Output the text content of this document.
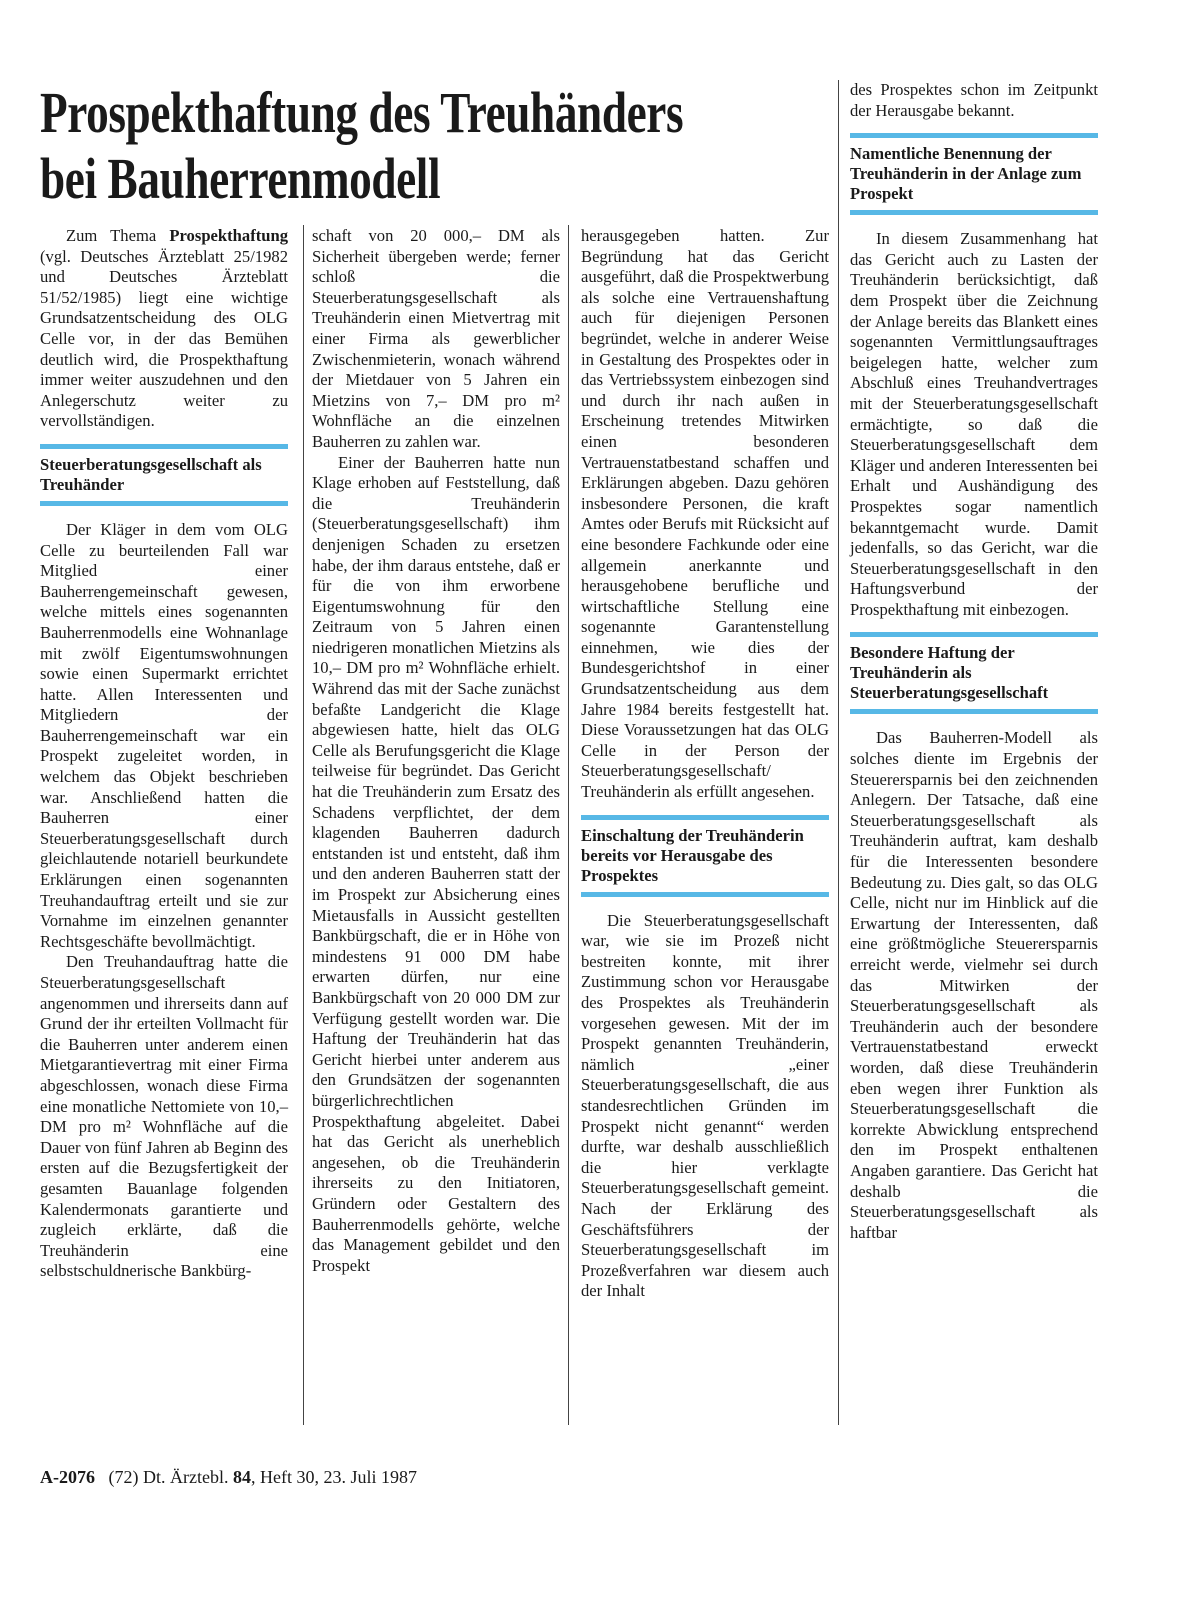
Prospekthaftung des Treuhänders
bei Bauherrenmodell

Zum Thema Prospekthaftung (vgl. Deutsches Ärzteblatt 25/1982 und Deutsches Ärzteblatt 51/52/1985) liegt eine wichtige Grundsatzentscheidung des OLG Celle vor, in der das Bemühen deutlich wird, die Prospekthaftung immer weiter auszudehnen und den Anlegerschutz weiter zu vervollständigen.

Steuerberatungsgesellschaft als Treuhänder

Der Kläger in dem vom OLG Celle zu beurteilenden Fall war Mitglied einer Bauherrengemeinschaft gewesen, welche mittels eines sogenannten Bauherrenmodells eine Wohnanlage mit zwölf Eigentumswohnungen sowie einen Supermarkt errichtet hatte. Allen Interessenten und Mitgliedern der Bauherrengemeinschaft war ein Prospekt zugeleitet worden, in welchem das Objekt beschrieben war. Anschließend hatten die Bauherren einer Steuerberatungsgesellschaft durch gleichlautende notariell beurkundete Erklärungen einen sogenannten Treuhandauftrag erteilt und sie zur Vornahme im einzelnen genannter Rechtsgeschäfte bevollmächtigt.

Den Treuhandauftrag hatte die Steuerberatungsgesellschaft angenommen und ihrerseits dann auf Grund der ihr erteilten Vollmacht für die Bauherren unter anderem einen Mietgarantievertrag mit einer Firma abgeschlossen, wonach diese Firma eine monatliche Nettomiete von 10,– DM pro m² Wohnfläche auf die Dauer von fünf Jahren ab Beginn des ersten auf die Bezugsfertigkeit der gesamten Bauanlage folgenden Kalendermonats garantierte und zugleich erklärte, daß die Treuhänderin eine selbstschuldnerische Bankbürg-

schaft von 20 000,– DM als Sicherheit übergeben werde; ferner schloß die Steuerberatungsgesellschaft als Treuhänderin einen Mietvertrag mit einer Firma als gewerblicher Zwischenmieterin, wonach während der Mietdauer von 5 Jahren ein Mietzins von 7,– DM pro m² Wohnfläche an die einzelnen Bauherren zu zahlen war.

Einer der Bauherren hatte nun Klage erhoben auf Feststellung, daß die Treuhänderin (Steuerberatungsgesellschaft) ihm denjenigen Schaden zu ersetzen habe, der ihm daraus entstehe, daß er für die von ihm erworbene Eigentumswohnung für den Zeitraum von 5 Jahren einen niedrigeren monatlichen Mietzins als 10,– DM pro m² Wohnfläche erhielt. Während das mit der Sache zunächst befaßte Landgericht die Klage abgewiesen hatte, hielt das OLG Celle als Berufungsgericht die Klage teilweise für begründet. Das Gericht hat die Treuhänderin zum Ersatz des Schadens verpflichtet, der dem klagenden Bauherren dadurch entstanden ist und entsteht, daß ihm und den anderen Bauherren statt der im Prospekt zur Absicherung eines Mietausfalls in Aussicht gestellten Bankbürgschaft, die er in Höhe von mindestens 91 000 DM habe erwarten dürfen, nur eine Bankbürgschaft von 20 000 DM zur Verfügung gestellt worden war. Die Haftung der Treuhänderin hat das Gericht hierbei unter anderem aus den Grundsätzen der sogenannten bürgerlichrechtlichen Prospekthaftung abgeleitet. Dabei hat das Gericht als unerheblich angesehen, ob die Treuhänderin ihrerseits zu den Initiatoren, Gründern oder Gestaltern des Bauherrenmodells gehörte, welche das Management gebildet und den Prospekt

herausgegeben hatten. Zur Begründung hat das Gericht ausgeführt, daß die Prospektwerbung als solche eine Vertrauenshaftung auch für diejenigen Personen begründet, welche in anderer Weise in Gestaltung des Prospektes oder in das Vertriebssystem einbezogen sind und durch ihr nach außen in Erscheinung tretendes Mitwirken einen besonderen Vertrauenstatbestand schaffen und Erklärungen abgeben. Dazu gehören insbesondere Personen, die kraft Amtes oder Berufs mit Rücksicht auf eine besondere Fachkunde oder eine allgemein anerkannte und herausgehobene berufliche und wirtschaftliche Stellung eine sogenannte Garantenstellung einnehmen, wie dies der Bundesgerichtshof in einer Grundsatzentscheidung aus dem Jahre 1984 bereits festgestellt hat. Diese Voraussetzungen hat das OLG Celle in der Person der Steuerberatungsgesellschaft/ Treuhänderin als erfüllt angesehen.

Einschaltung der Treuhänderin bereits vor Herausgabe des Prospektes

Die Steuerberatungsgesellschaft war, wie sie im Prozeß nicht bestreiten konnte, mit ihrer Zustimmung schon vor Herausgabe des Prospektes als Treuhänderin vorgesehen gewesen. Mit der im Prospekt genannten Treuhänderin, nämlich „einer Steuerberatungsgesellschaft, die aus standesrechtlichen Gründen im Prospekt nicht genannt“ werden durfte, war deshalb ausschließlich die hier verklagte Steuerberatungsgesellschaft gemeint. Nach der Erklärung des Geschäftsführers der Steuerberatungsgesellschaft im Prozeßverfahren war diesem auch der Inhalt

des Prospektes schon im Zeitpunkt der Herausgabe bekannt.

Namentliche Benennung der Treuhänderin in der Anlage zum Prospekt

In diesem Zusammenhang hat das Gericht auch zu Lasten der Treuhänderin berücksichtigt, daß dem Prospekt über die Zeichnung der Anlage bereits das Blankett eines sogenannten Vermittlungsauftrages beigelegen hatte, welcher zum Abschluß eines Treuhandvertrages mit der Steuerberatungsgesellschaft ermächtigte, so daß die Steuerberatungsgesellschaft dem Kläger und anderen Interessenten bei Erhalt und Aushändigung des Prospektes sogar namentlich bekanntgemacht wurde. Damit jedenfalls, so das Gericht, war die Steuerberatungsgesellschaft in den Haftungsverbund der Prospekthaftung mit einbezogen.

Besondere Haftung der Treuhänderin als Steuerberatungsgesellschaft

Das Bauherren-Modell als solches diente im Ergebnis der Steuerersparnis bei den zeichnenden Anlegern. Der Tatsache, daß eine Steuerberatungsgesellschaft als Treuhänderin auftrat, kam deshalb für die Interessenten besondere Bedeutung zu. Dies galt, so das OLG Celle, nicht nur im Hinblick auf die Erwartung der Interessenten, daß eine größtmögliche Steuerersparnis erreicht werde, vielmehr sei durch das Mitwirken der Steuerberatungsgesellschaft als Treuhänderin auch der besondere Vertrauenstatbestand erweckt worden, daß diese Treuhänderin eben wegen ihrer Funktion als Steuerberatungsgesellschaft die korrekte Abwicklung entsprechend den im Prospekt enthaltenen Angaben garantiere. Das Gericht hat deshalb die Steuerberatungsgesellschaft als haftbar

A-2076 (72) Dt. Ärztebl. 84, Heft 30, 23. Juli 1987
